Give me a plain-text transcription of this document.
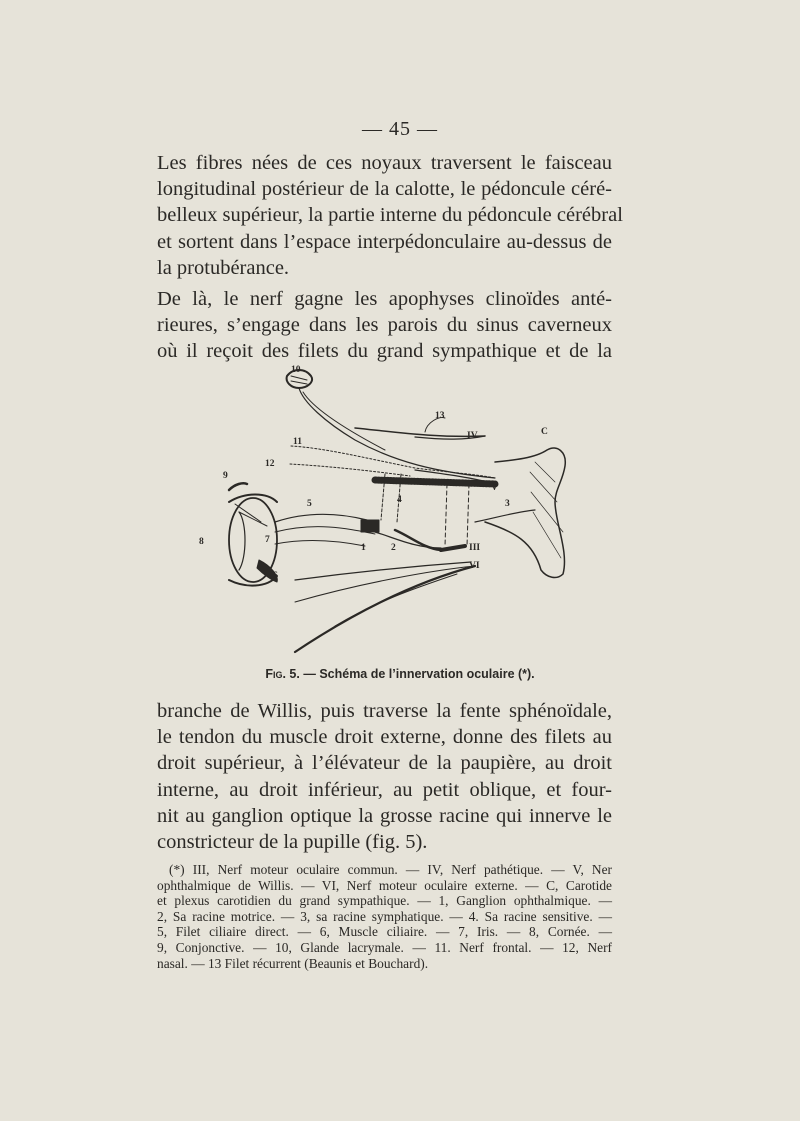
— 45 —
Les fibres nées de ces noyaux traversent le faisceau
longitudinal postérieur de la calotte, le pédoncule céré-
belleux supérieur, la partie interne du pédoncule cérébral
et sortent dans l’espace interpédonculaire au-dessus de
la protubérance.
De là, le nerf gagne les apophyses clinoïdes anté-
rieures, s’engage dans les parois du sinus caverneux
où il reçoit des filets du grand sympathique et de la
10
11
12
13
IV	C
V
9
5	4	3
7
8
1	2	III
VI
6
Fig. 5. — Schéma de l’innervation oculaire (*).
branche de Willis, puis traverse la fente sphénoïdale,
le tendon du muscle droit externe, donne des filets au
droit supérieur, à l’élévateur de la paupière, au droit
interne, au droit inférieur, au petit oblique, et four-
nit au ganglion optique la grosse racine qui innerve le
constricteur de la pupille (fig. 5).
(*) III, Nerf moteur oculaire commun. — IV, Nerf pathétique. — V, Ner
ophthalmique de Willis. — VI, Nerf moteur oculaire externe. — C, Carotide
et plexus carotidien du grand sympathique. — 1, Ganglion ophthalmique. —
2, Sa racine motrice. — 3, sa racine symphatique. — 4. Sa racine sensitive. —
5, Filet ciliaire direct. — 6, Muscle ciliaire. — 7, Iris. — 8, Cornée. —
9, Conjonctive. — 10, Glande lacrymale. — 11. Nerf frontal. — 12, Nerf
nasal. — 13 Filet récurrent (Beaunis et Bouchard).
